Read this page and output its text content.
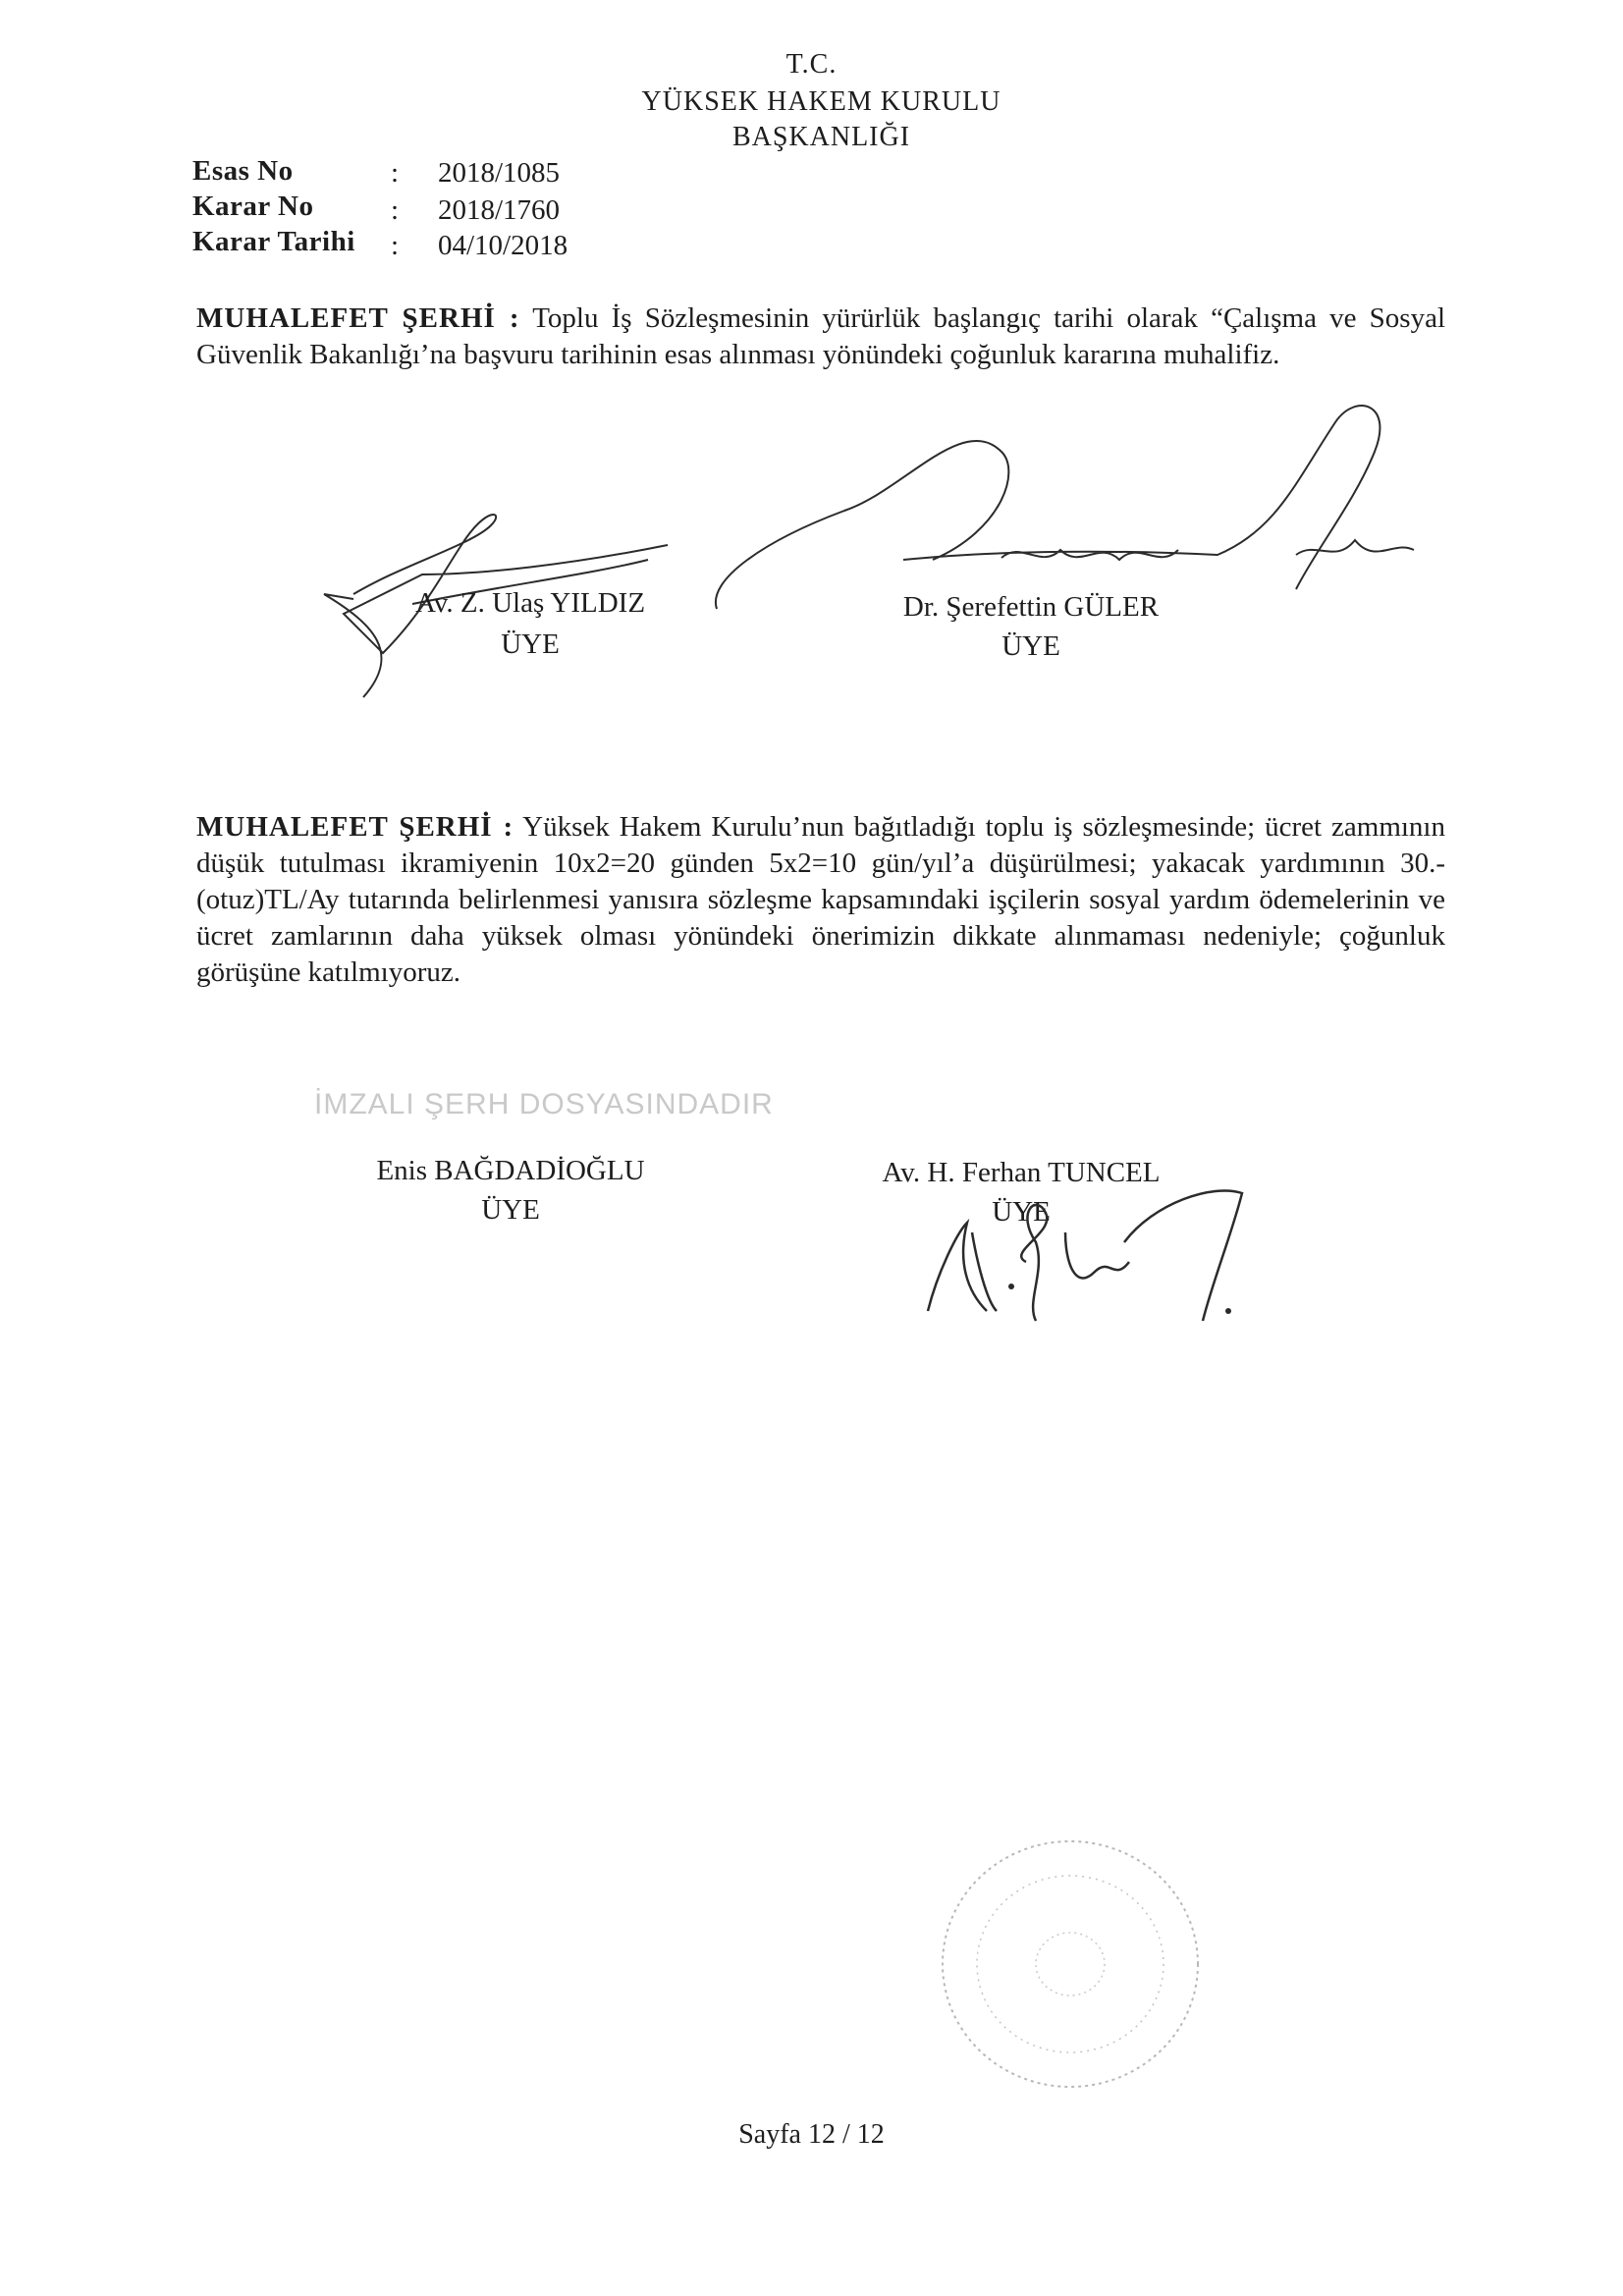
T.C.
YÜKSEK HAKEM KURULU
BAŞKANLIĞI
Esas No	: 2018/1085
Karar No	: 2018/1760
Karar Tarihi : 04/10/2018
MUHALEFET ŞERHİ : Toplu İş Sözleşmesinin yürürlük başlangıç tarihi olarak “Çalışma ve Sosyal Güvenlik Bakanlığı’na başvuru tarihinin esas alınması yönündeki çoğunluk kararına muhalifiz.
Av. Z. Ulaş YILDIZ
ÜYE
Dr. Şerefettin GÜLER
ÜYE
MUHALEFET ŞERHİ : Yüksek Hakem Kurulu’nun bağıtladığı toplu iş sözleşmesinde; ücret zammının düşük tutulması ikramiyenin 10x2=20 günden 5x2=10 gün/yıl’a düşürülmesi; yakacak yardımının 30.-(otuz)TL/Ay tutarında belirlenmesi yanısıra sözleşme kapsamındaki işçilerin sosyal yardım ödemelerinin ve ücret zamlarının daha yüksek olması yönündeki önerimizin dikkate alınmaması nedeniyle; çoğunluk görüşüne katılmıyoruz.
İMZALI ŞERH DOSYASINDADIR
Enis BAĞDADİOĞLU
ÜYE
Av. H. Ferhan TUNCEL
ÜYE
Sayfa 12 / 12
